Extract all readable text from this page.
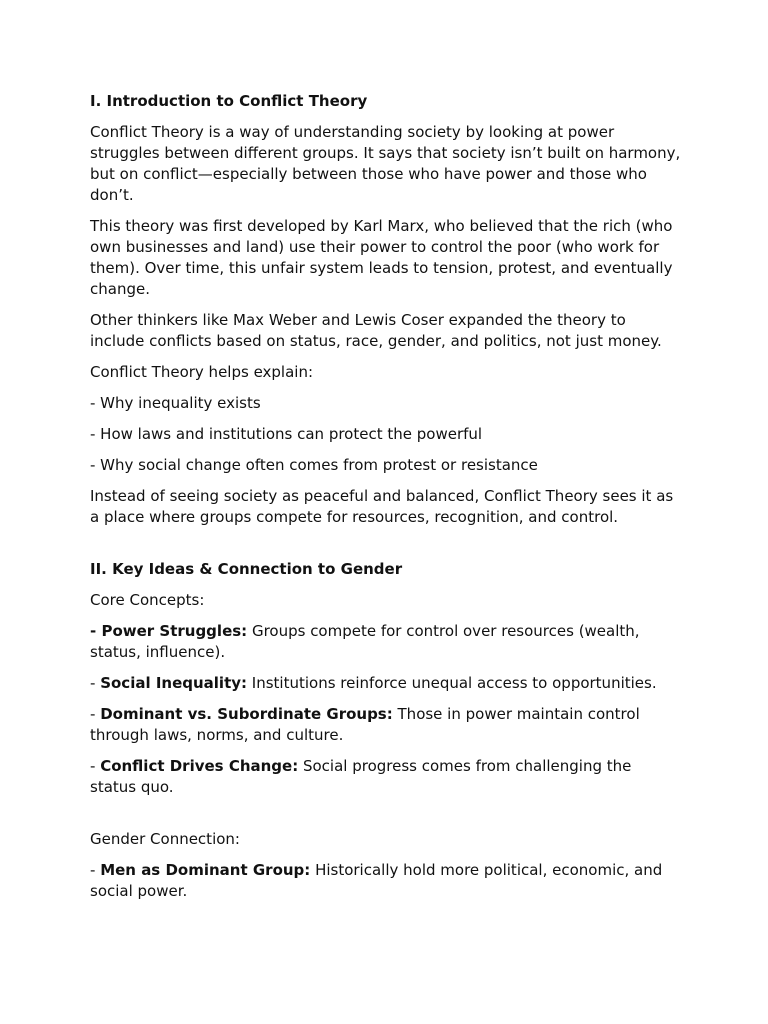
I. Introduction to Conflict Theory

Conflict Theory is a way of understanding society by looking at power struggles between different groups. It says that society isn’t built on harmony, but on conflict—especially between those who have power and those who don’t.

This theory was first developed by Karl Marx, who believed that the rich (who own businesses and land) use their power to control the poor (who work for them). Over time, this unfair system leads to tension, protest, and eventually change.

Other thinkers like Max Weber and Lewis Coser expanded the theory to include conflicts based on status, race, gender, and politics, not just money.

Conflict Theory helps explain:

- Why inequality exists

- How laws and institutions can protect the powerful

- Why social change often comes from protest or resistance

Instead of seeing society as peaceful and balanced, Conflict Theory sees it as a place where groups compete for resources, recognition, and control.

II. Key Ideas & Connection to Gender

Core Concepts:

- Power Struggles: Groups compete for control over resources (wealth, status, influence).

- Social Inequality: Institutions reinforce unequal access to opportunities.

- Dominant vs. Subordinate Groups: Those in power maintain control through laws, norms, and culture.

- Conflict Drives Change: Social progress comes from challenging the status quo.

Gender Connection:

- Men as Dominant Group: Historically hold more political, economic, and social power.
